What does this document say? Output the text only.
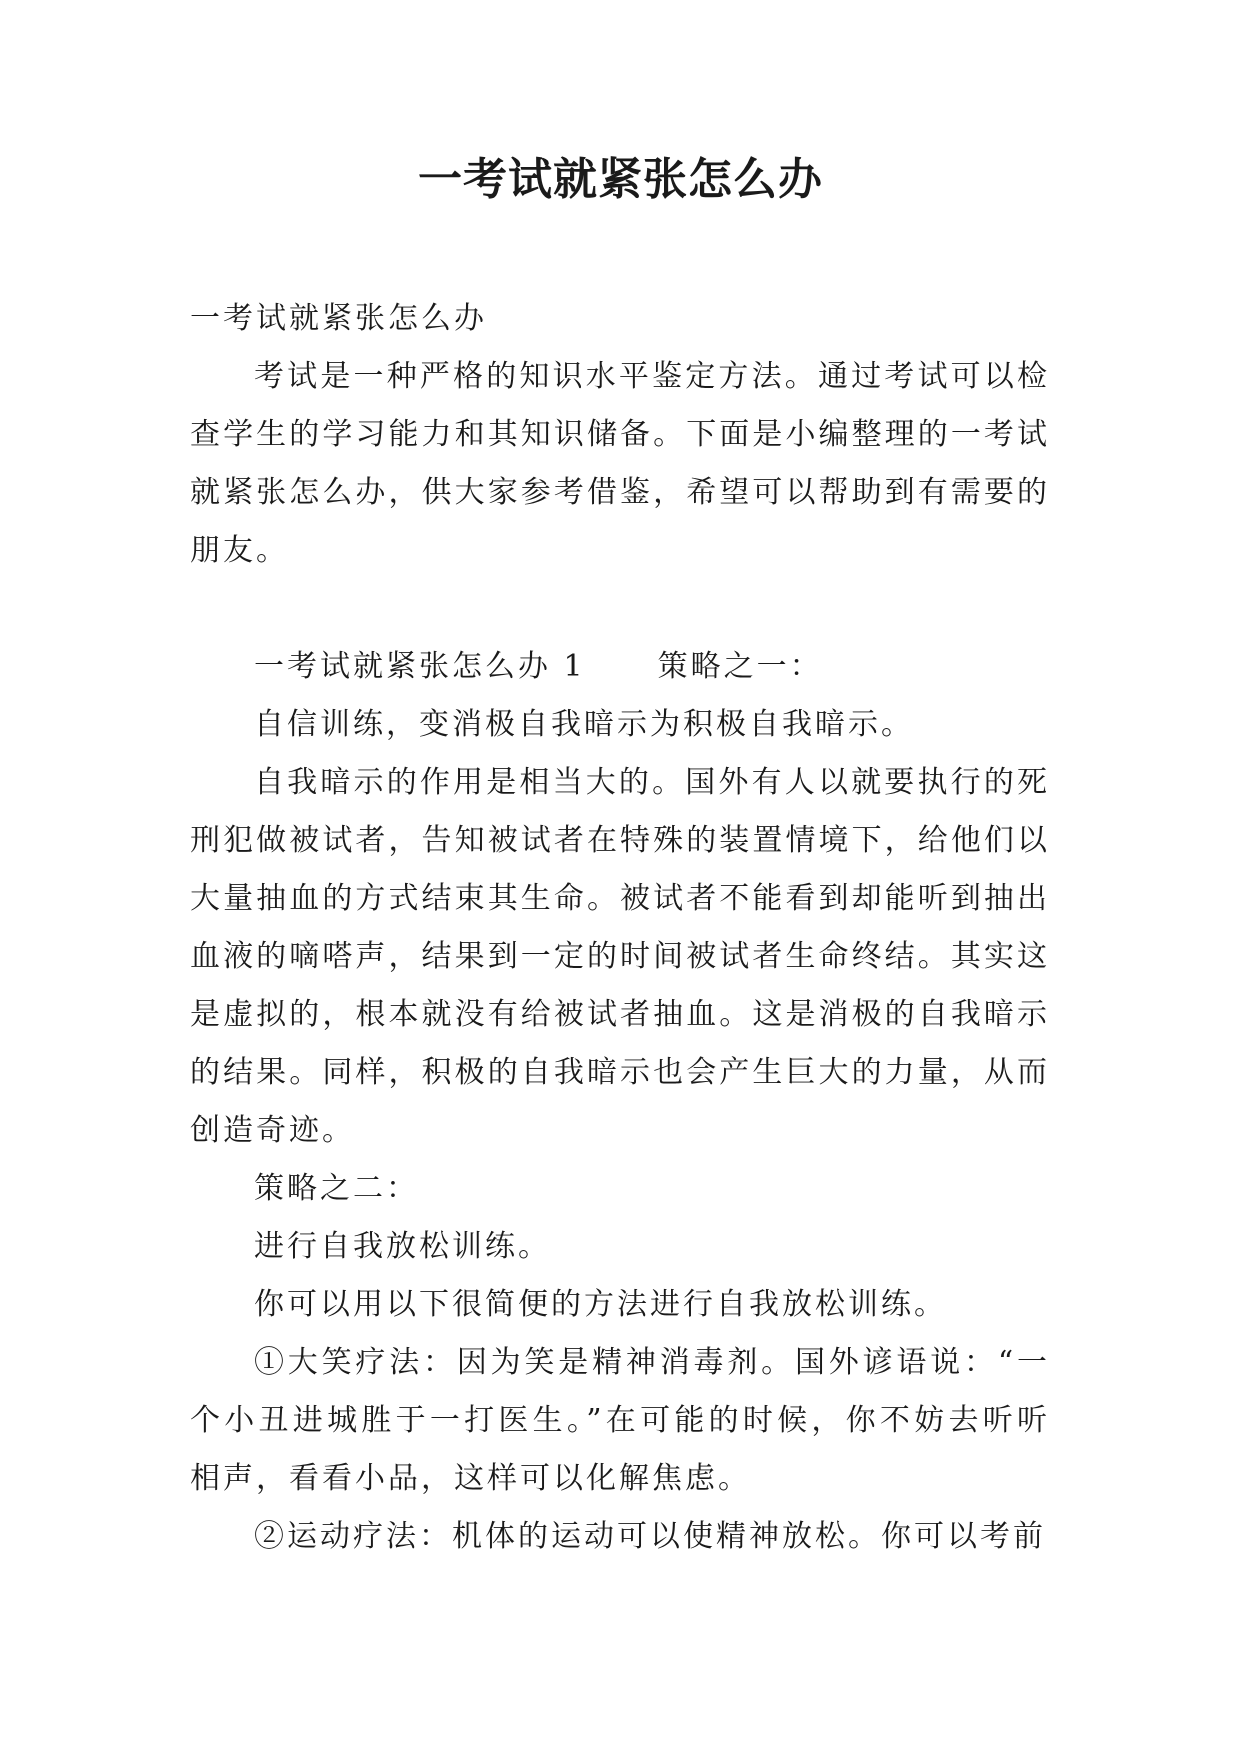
一考试就紧张怎么办

一考试就紧张怎么办

考试是一种严格的知识水平鉴定方法。通过考试可以检查学生的学习能力和其知识储备。下面是小编整理的一考试就紧张怎么办，供大家参考借鉴，希望可以帮助到有需要的朋友。

一考试就紧张怎么办 1 策略之一：

自信训练，变消极自我暗示为积极自我暗示。

自我暗示的作用是相当大的。国外有人以就要执行的死刑犯做被试者，告知被试者在特殊的装置情境下，给他们以大量抽血的方式结束其生命。被试者不能看到却能听到抽出血液的嘀嗒声，结果到一定的时间被试者生命终结。其实这是虚拟的，根本就没有给被试者抽血。这是消极的自我暗示的结果。同样，积极的自我暗示也会产生巨大的力量，从而创造奇迹。

策略之二：

进行自我放松训练。

你可以用以下很简便的方法进行自我放松训练。

①大笑疗法：因为笑是精神消毒剂。国外谚语说：“一个小丑进城胜于一打医生。”在可能的时候，你不妨去听听相声，看看小品，这样可以化解焦虑。

②运动疗法：机体的运动可以使精神放松。你可以考前
